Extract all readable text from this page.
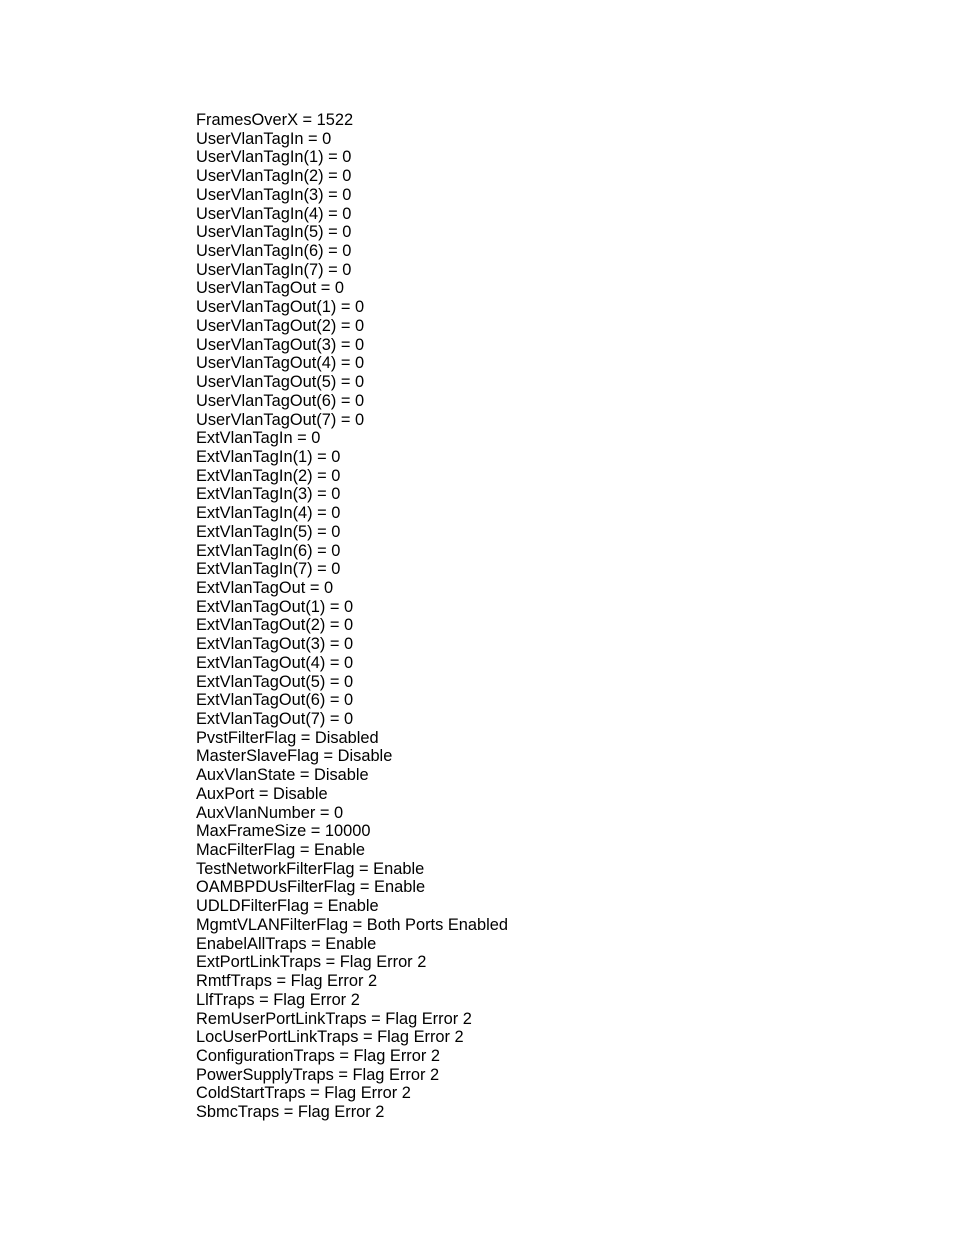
FramesOverX = 1522
UserVlanTagIn = 0
UserVlanTagIn(1) = 0
UserVlanTagIn(2) = 0
UserVlanTagIn(3) = 0
UserVlanTagIn(4) = 0
UserVlanTagIn(5) = 0
UserVlanTagIn(6) = 0
UserVlanTagIn(7) = 0
UserVlanTagOut = 0
UserVlanTagOut(1) = 0
UserVlanTagOut(2) = 0
UserVlanTagOut(3) = 0
UserVlanTagOut(4) = 0
UserVlanTagOut(5) = 0
UserVlanTagOut(6) = 0
UserVlanTagOut(7) = 0
ExtVlanTagIn = 0
ExtVlanTagIn(1) = 0
ExtVlanTagIn(2) = 0
ExtVlanTagIn(3) = 0
ExtVlanTagIn(4) = 0
ExtVlanTagIn(5) = 0
ExtVlanTagIn(6) = 0
ExtVlanTagIn(7) = 0
ExtVlanTagOut = 0
ExtVlanTagOut(1) = 0
ExtVlanTagOut(2) = 0
ExtVlanTagOut(3) = 0
ExtVlanTagOut(4) = 0
ExtVlanTagOut(5) = 0
ExtVlanTagOut(6) = 0
ExtVlanTagOut(7) = 0
PvstFilterFlag = Disabled
MasterSlaveFlag = Disable
AuxVlanState = Disable
AuxPort = Disable
AuxVlanNumber = 0
MaxFrameSize = 10000
MacFilterFlag = Enable
TestNetworkFilterFlag = Enable
OAMBPDUsFilterFlag = Enable
UDLDFilterFlag = Enable
MgmtVLANFilterFlag = Both Ports Enabled
EnabelAllTraps = Enable
ExtPortLinkTraps = Flag Error 2
RmtfTraps = Flag Error 2
LlfTraps = Flag Error 2
RemUserPortLinkTraps = Flag Error 2
LocUserPortLinkTraps = Flag Error 2
ConfigurationTraps = Flag Error 2
PowerSupplyTraps = Flag Error 2
ColdStartTraps = Flag Error 2
SbmcTraps = Flag Error 2
